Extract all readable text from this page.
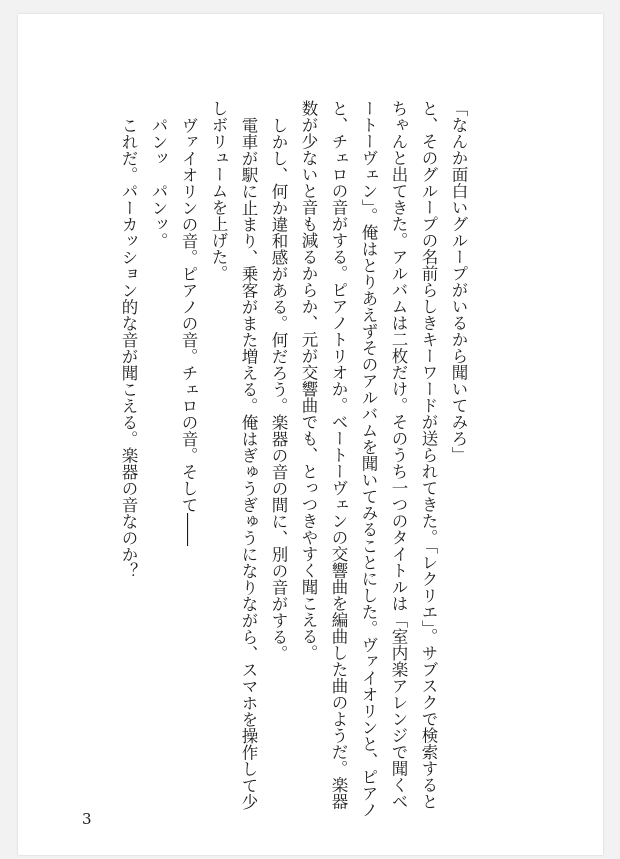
「なんか面白いグループがいるから聞いてみろ」

と、そのグループの名前らしきキーワードが送られてきた。「レクリエ」。サブスクで検索するとちゃんと出てきた。アルバムは二枚だけ。そのうち一つのタイトルは「室内楽アレンジで聞くベートーヴェン」。俺はとりあえずそのアルバムを聞いてみることにした。ヴァイオリンと、ピアノと、チェロの音がする。ピアノトリオか。ベートーヴェンの交響曲を編曲した曲のようだ。楽器数が少ないと音も減るからか、元が交響曲でも、とっつきやすく聞こえる。

しかし、何か違和感がある。何だろう。楽器の音の間に、別の音がする。

電車が駅に止まり、乗客がまた増える。俺はぎゅうぎゅうになりながら、スマホを操作して少しボリュームを上げた。

ヴァイオリンの音。ピアノの音。チェロの音。そして――

パンッ　パンッ。

これだ。パーカッション的な音が聞こえる。楽器の音なのか？

3
